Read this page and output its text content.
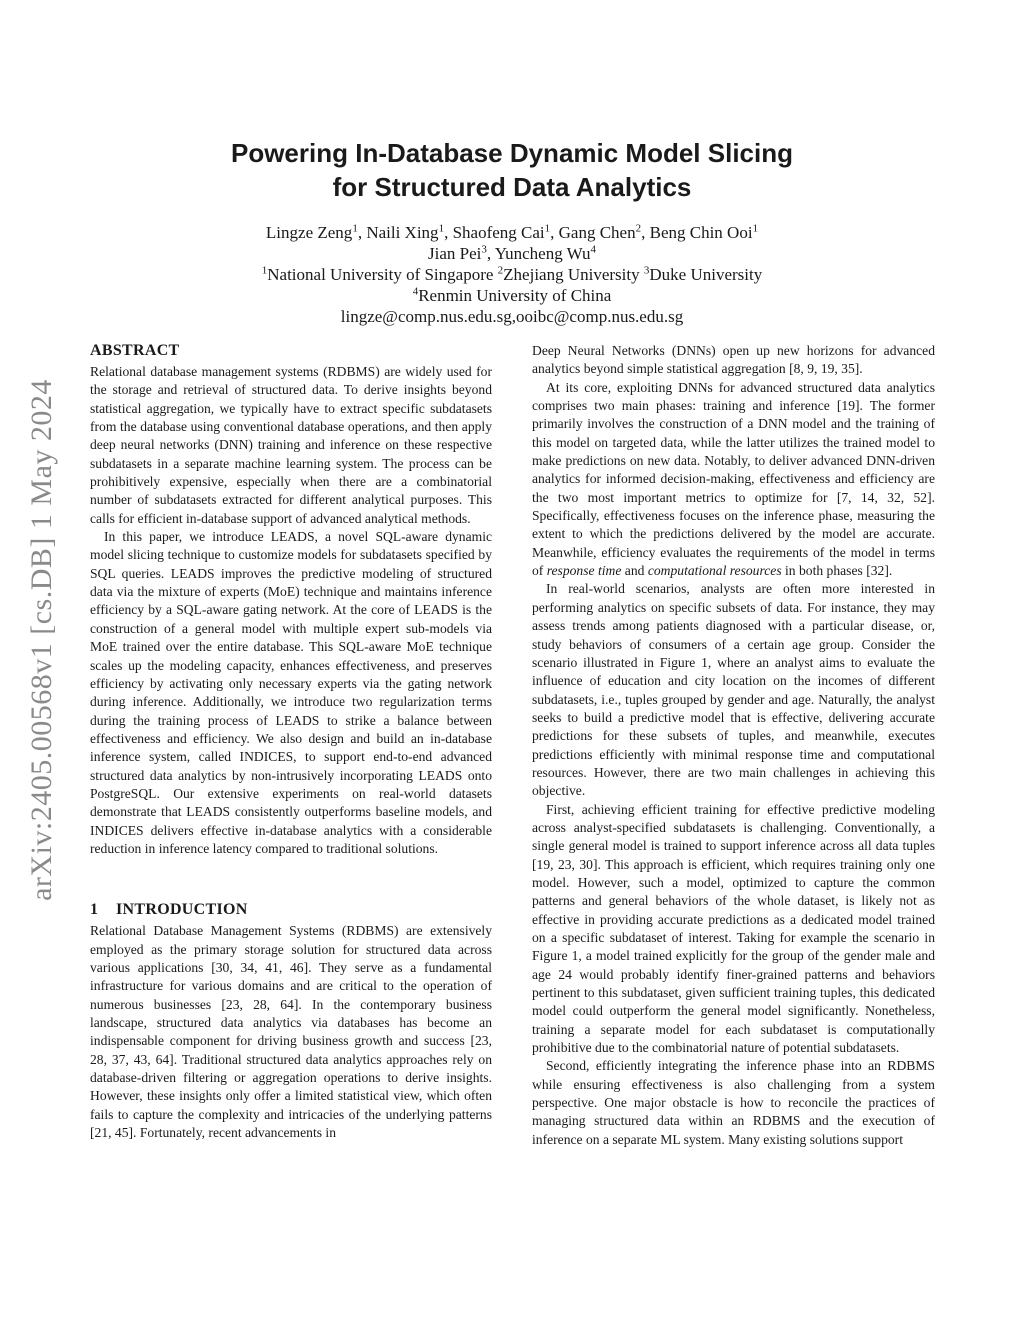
arXiv:2405.00568v1 [cs.DB] 1 May 2024
Powering In-Database Dynamic Model Slicing
for Structured Data Analytics
Lingze Zeng$^1$, Naili Xing$^1$, Shaofeng Cai$^1$, Gang Chen$^2$, Beng Chin Ooi$^1$
Jian Pei$^3$, Yuncheng Wu$^4$
$^1$National University of Singapore $^2$Zhejiang University $^3$Duke University
$^4$Renmin University of China
lingze@comp.nus.edu.sg,ooibc@comp.nus.edu.sg
ABSTRACT

Relational database management systems (RDBMS) are widely used for the storage and retrieval of structured data. To derive insights beyond statistical aggregation, we typically have to extract specific subdatasets from the database using conventional database operations, and then apply deep neural networks (DNN) training and inference on these respective subdatasets in a separate machine learning system. The process can be prohibitively expensive, especially when there are a combinatorial number of subdatasets extracted for different analytical purposes. This calls for efficient in-database support of advanced analytical methods.

In this paper, we introduce LEADS, a novel SQL-aware dynamic model slicing technique to customize models for subdatasets specified by SQL queries. LEADS improves the predictive modeling of structured data via the mixture of experts (MoE) technique and maintains inference efficiency by a SQL-aware gating network. At the core of LEADS is the construction of a general model with multiple expert sub-models via MoE trained over the entire database. This SQL-aware MoE technique scales up the modeling capacity, enhances effectiveness, and preserves efficiency by activating only necessary experts via the gating network during inference. Additionally, we introduce two regularization terms during the training process of LEADS to strike a balance between effectiveness and efficiency. We also design and build an in-database inference system, called INDICES, to support end-to-end advanced structured data analytics by non-intrusively incorporating LEADS onto PostgreSQL. Our extensive experiments on real-world datasets demonstrate that LEADS consistently outperforms baseline models, and INDICES delivers effective in-database analytics with a considerable reduction in inference latency compared to traditional solutions.

1 INTRODUCTION

Relational Database Management Systems (RDBMS) are extensively employed as the primary storage solution for structured data across various applications [30, 34, 41, 46]. They serve as a fundamental infrastructure for various domains and are critical to the operation of numerous businesses [23, 28, 64]. In the contemporary business landscape, structured data analytics via databases has become an indispensable component for driving business growth and success [23, 28, 37, 43, 64]. Traditional structured data analytics approaches rely on database-driven filtering or aggregation operations to derive insights. However, these insights only offer a limited statistical view, which often fails to capture the complexity and intricacies of the underlying patterns [21, 45]. Fortunately, recent advancements in

Deep Neural Networks (DNNs) open up new horizons for advanced analytics beyond simple statistical aggregation [8, 9, 19, 35].

At its core, exploiting DNNs for advanced structured data analytics comprises two main phases: training and inference [19]. The former primarily involves the construction of a DNN model and the training of this model on targeted data, while the latter utilizes the trained model to make predictions on new data. Notably, to deliver advanced DNN-driven analytics for informed decision-making, effectiveness and efficiency are the two most important metrics to optimize for [7, 14, 32, 52]. Specifically, effectiveness focuses on the inference phase, measuring the extent to which the predictions delivered by the model are accurate. Meanwhile, efficiency evaluates the requirements of the model in terms of response time and computational resources in both phases [32].

In real-world scenarios, analysts are often more interested in performing analytics on specific subsets of data. For instance, they may assess trends among patients diagnosed with a particular disease, or, study behaviors of consumers of a certain age group. Consider the scenario illustrated in Figure 1, where an analyst aims to evaluate the influence of education and city location on the incomes of different subdatasets, i.e., tuples grouped by gender and age. Naturally, the analyst seeks to build a predictive model that is effective, delivering accurate predictions for these subsets of tuples, and meanwhile, executes predictions efficiently with minimal response time and computational resources. However, there are two main challenges in achieving this objective.

First, achieving efficient training for effective predictive modeling across analyst-specified subdatasets is challenging. Conventionally, a single general model is trained to support inference across all data tuples [19, 23, 30]. This approach is efficient, which requires training only one model. However, such a model, optimized to capture the common patterns and general behaviors of the whole dataset, is likely not as effective in providing accurate predictions as a dedicated model trained on a specific subdataset of interest. Taking for example the scenario in Figure 1, a model trained explicitly for the group of the gender male and age 24 would probably identify finer-grained patterns and behaviors pertinent to this subdataset, given sufficient training tuples, this dedicated model could outperform the general model significantly. Nonetheless, training a separate model for each subdataset is computationally prohibitive due to the combinatorial nature of potential subdatasets.

Second, efficiently integrating the inference phase into an RDBMS while ensuring effectiveness is also challenging from a system perspective. One major obstacle is how to reconcile the practices of managing structured data within an RDBMS and the execution of inference on a separate ML system. Many existing solutions support
